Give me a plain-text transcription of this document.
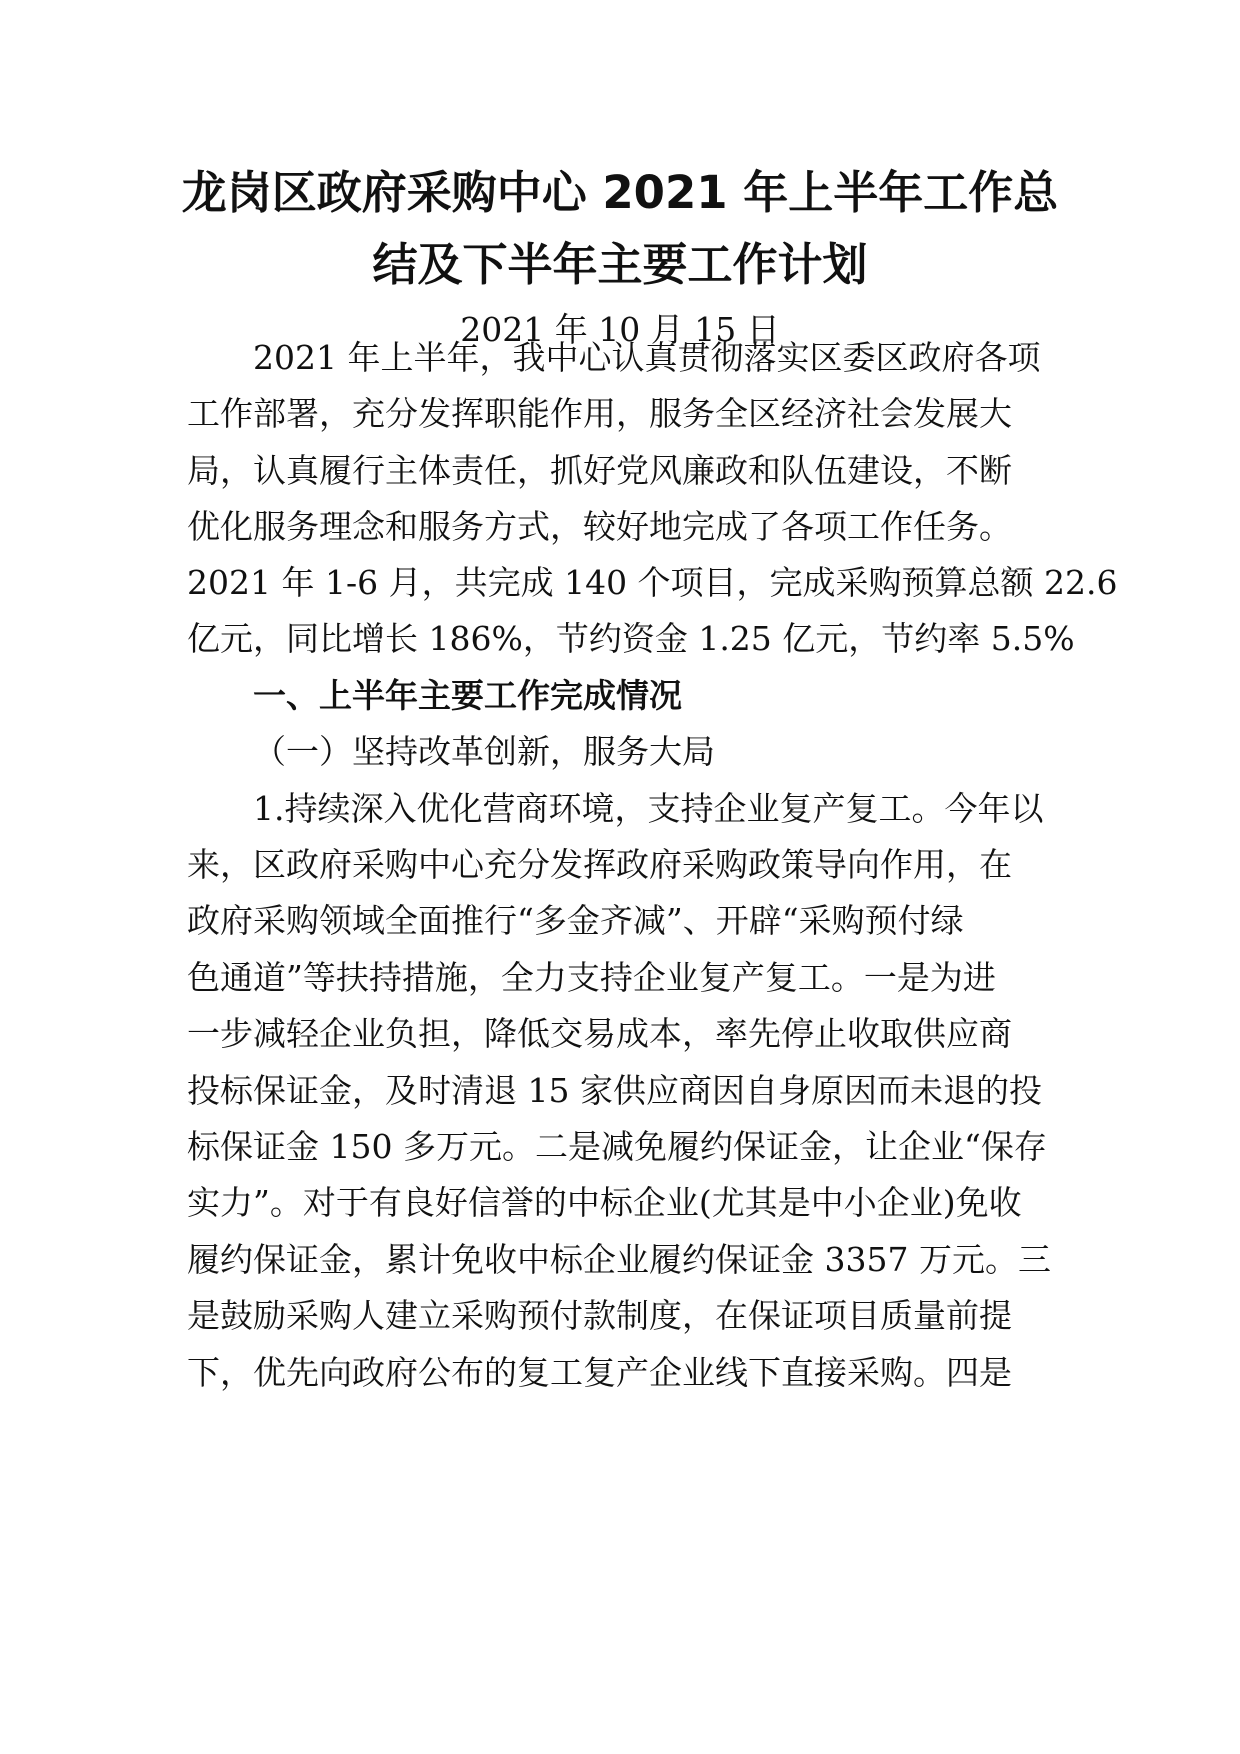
龙岗区政府采购中心 2021 年上半年工作总
结及下半年主要工作计划
2021 年 10 月 15 日
2021 年上半年，我中心认真贯彻落实区委区政府各项
工作部署，充分发挥职能作用，服务全区经济社会发展大
局，认真履行主体责任，抓好党风廉政和队伍建设，不断
优化服务理念和服务方式，较好地完成了各项工作任务。
2021 年 1-6 月，共完成 140 个项目，完成采购预算总额 22.6
亿元，同比增长 186%，节约资金 1.25 亿元，节约率 5.5%
一、上半年主要工作完成情况
（一）坚持改革创新，服务大局
1.持续深入优化营商环境，支持企业复产复工。今年以
来，区政府采购中心充分发挥政府采购政策导向作用，在
政府采购领域全面推行“多金齐减”、开辟“采购预付绿
色通道”等扶持措施，全力支持企业复产复工。一是为进
一步减轻企业负担，降低交易成本，率先停止收取供应商
投标保证金，及时清退 15 家供应商因自身原因而未退的投
标保证金 150 多万元。二是减免履约保证金，让企业“保存
实力”。对于有良好信誉的中标企业(尤其是中小企业)免收
履约保证金，累计免收中标企业履约保证金 3357 万元。三
是鼓励采购人建立采购预付款制度，在保证项目质量前提
下，优先向政府公布的复工复产企业线下直接采购。四是
